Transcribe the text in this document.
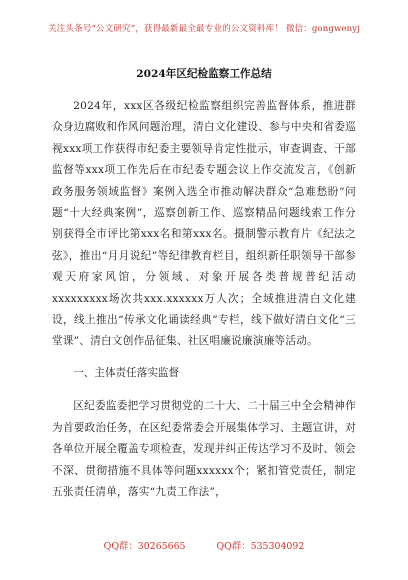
关注头条号“公文研究”，获得最新最全最专业的公文资料库！ 微信：gongwenyj
2024年区纪检监察工作总结

2024年，xxx区各级纪检监察组织完善监督体系，推进群众身边腐败和作风问题治理，清白文化建设、参与中央和省委巡视xxx项工作获得市纪委主要领导肯定性批示，审查调查、干部监督等xxx项工作先后在市纪委专题会议上作交流发言，《创新政务服务领域监督》案例入选全市推动解决群众“急难愁盼”问题“十大经典案例”，巡察创新工作、巡察精品问题线索工作分别获得全市评比第xxx名和第xxx名。摄制警示教育片《纪法之弦》，推出“月月说纪”等纪律教育栏目，组织新任职领导干部参观天府家风馆，分领域、对象开展各类普规普纪活动xxxxxxxxx场次共xxx.xxxxxx万人次；全域推进清白文化建设，线上推出“传承文化诵读经典”专栏，线下做好清白文化“三堂课”、清白文创作品征集、社区唱廉说廉演廉等活动。

一、主体责任落实监督

区纪委监委把学习贯彻党的二十大、二十届三中全会精神作为首要政治任务，在区纪委常委会开展集体学习、主题宣讲，对各单位开展全覆盖专项检查，发现并纠正传达学习不及时、领会不深、贯彻措施不具体等问题xxxxxx个；紧扣管党责任，制定五张责任清单，落实“九责工作法”，

QQ群：30265665	QQ群：535304092
